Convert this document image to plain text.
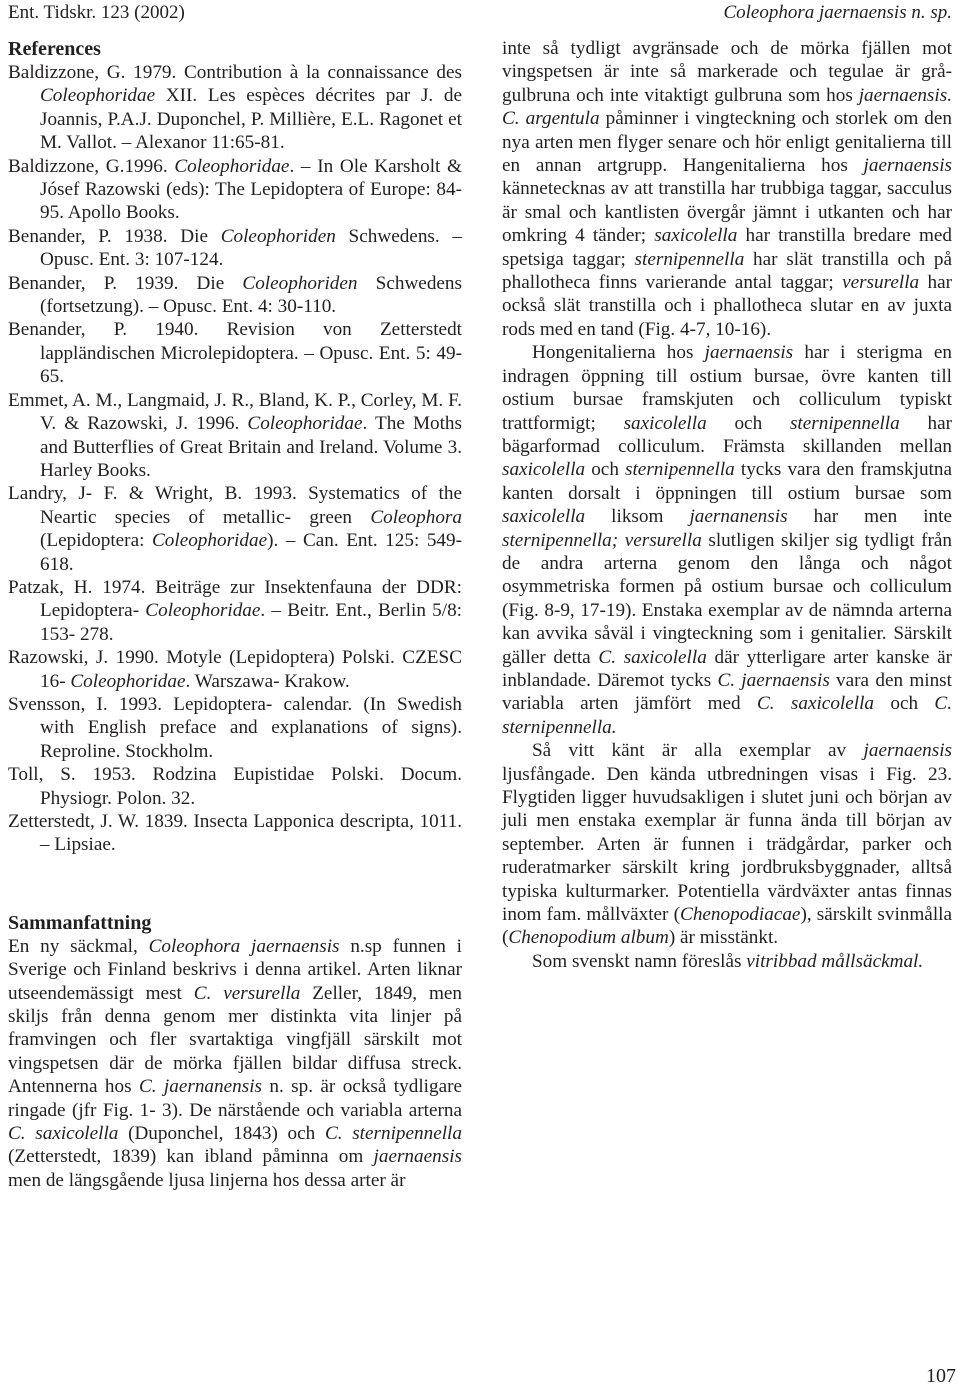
Ent. Tidskr. 123 (2002)	Coleophora jaernaensis n. sp.
References

Baldizzone, G. 1979. Contribution à la connaissance des Coleophoridae XII. Les espèces décrites par J. de Joannis, P.A.J. Duponchel, P. Millière, E.L. Ragonet et M. Vallot. – Alexanor 11:65-81.

Baldizzone, G.1996. Coleophoridae. – In Ole Karsholt & Jósef Razowski (eds): The Lepidoptera of Europe: 84-95. Apollo Books.

Benander, P. 1938. Die Coleophoriden Schwedens. – Opusc. Ent. 3: 107-124.

Benander, P. 1939. Die Coleophoriden Schwedens (fortsetzung). – Opusc. Ent. 4: 30-110.

Benander, P. 1940. Revision von Zetterstedt lappländischen Microlepidoptera. – Opusc. Ent. 5: 49-65.

Emmet, A. M., Langmaid, J. R., Bland, K. P., Corley, M. F. V. & Razowski, J. 1996. Coleophoridae. The Moths and Butterflies of Great Britain and Ireland. Volume 3. Harley Books.

Landry, J- F. & Wright, B. 1993. Systematics of the Neartic species of metallic- green Coleophora (Lepidoptera: Coleophoridae). – Can. Ent. 125: 549- 618.

Patzak, H. 1974. Beiträge zur Insektenfauna der DDR: Lepidoptera- Coleophoridae. – Beitr. Ent., Berlin 5/8: 153- 278.

Razowski, J. 1990. Motyle (Lepidoptera) Polski. CZESC 16- Coleophoridae. Warszawa- Krakow.

Svensson, I. 1993. Lepidoptera- calendar. (In Swedish with English preface and explanations of signs). Reproline. Stockholm.

Toll, S. 1953. Rodzina Eupistidae Polski. Docum. Physiogr. Polon. 32.

Zetterstedt, J. W. 1839. Insecta Lapponica descripta, 1011. – Lipsiae.

Sammanfattning

En ny säckmal, Coleophora jaernaensis n.sp funnen i Sverige och Finland beskrivs i denna artikel. Arten liknar utseendemässigt mest C. versurella Zeller, 1849, men skiljs från denna genom mer distinkta vita linjer på framvingen och fler svartaktiga vingfjäll särskilt mot vingspetsen där de mörka fjällen bildar diffusa streck. Antennerna hos C. jaernanensis n. sp. är också tydligare ringade (jfr Fig. 1- 3). De närstående och variabla arterna C. saxicolella (Duponchel, 1843) och C. sternipennella (Zetterstedt, 1839) kan ibland påminna om jaernaensis men de längsgående ljusa linjerna hos dessa arter är

inte så tydligt avgränsade och de mörka fjällen mot vingspetsen är inte så markerade och tegulae är grå- gulbruna och inte vitaktigt gulbruna som hos jaernaensis. C. argentula påminner i vingteckning och storlek om den nya arten men flyger senare och hör enligt genitalierna till en annan artgrupp. Hangenitalierna hos jaernaensis kännetecknas av att transtilla har trubbiga taggar, sacculus är smal och kantlisten övergår jämnt i utkanten och har omkring 4 tänder; saxicolella har transtilla bredare med spetsiga taggar; sternipennella har slät transtilla och på phallotheca finns varierande antal taggar; versurella har också slät transtilla och i phallotheca slutar en av juxta rods med en tand (Fig. 4-7, 10-16).

Hongenitalierna hos jaernaensis har i sterigma en indragen öppning till ostium bursae, övre kanten till ostium bursae framskjuten och colliculum typiskt trattformigt; saxicolella och sternipennella har bägarformad colliculum. Främsta skillanden mellan saxicolella och sternipennella tycks vara den framskjutna kanten dorsalt i öppningen till ostium bursae som saxicolella liksom jaernanensis har men inte sternipennella; versurella slutligen skiljer sig tydligt från de andra arterna genom den långa och något osymmetriska formen på ostium bursae och colliculum (Fig. 8-9, 17-19). Enstaka exemplar av de nämnda arterna kan avvika såväl i vingteckning som i genitalier. Särskilt gäller detta C. saxicolella där ytterligare arter kanske är inblandade. Däremot tycks C. jaernaensis vara den minst variabla arten jämfört med C. saxicolella och C. sternipennella.

Så vitt känt är alla exemplar av jaernaensis ljusfångade. Den kända utbredningen visas i Fig. 23. Flygtiden ligger huvudsakligen i slutet juni och början av juli men enstaka exemplar är funna ända till början av september. Arten är funnen i trädgårdar, parker och ruderatmarker särskilt kring jordbruksbyggnader, alltså typiska kulturmarker. Potentiella värdväxter antas finnas inom fam. mållväxter (Chenopodiacae), särskilt svinmålla (Chenopodium album) är misstänkt.

Som svenskt namn föreslås vitribbad mållsäckmal.

107
